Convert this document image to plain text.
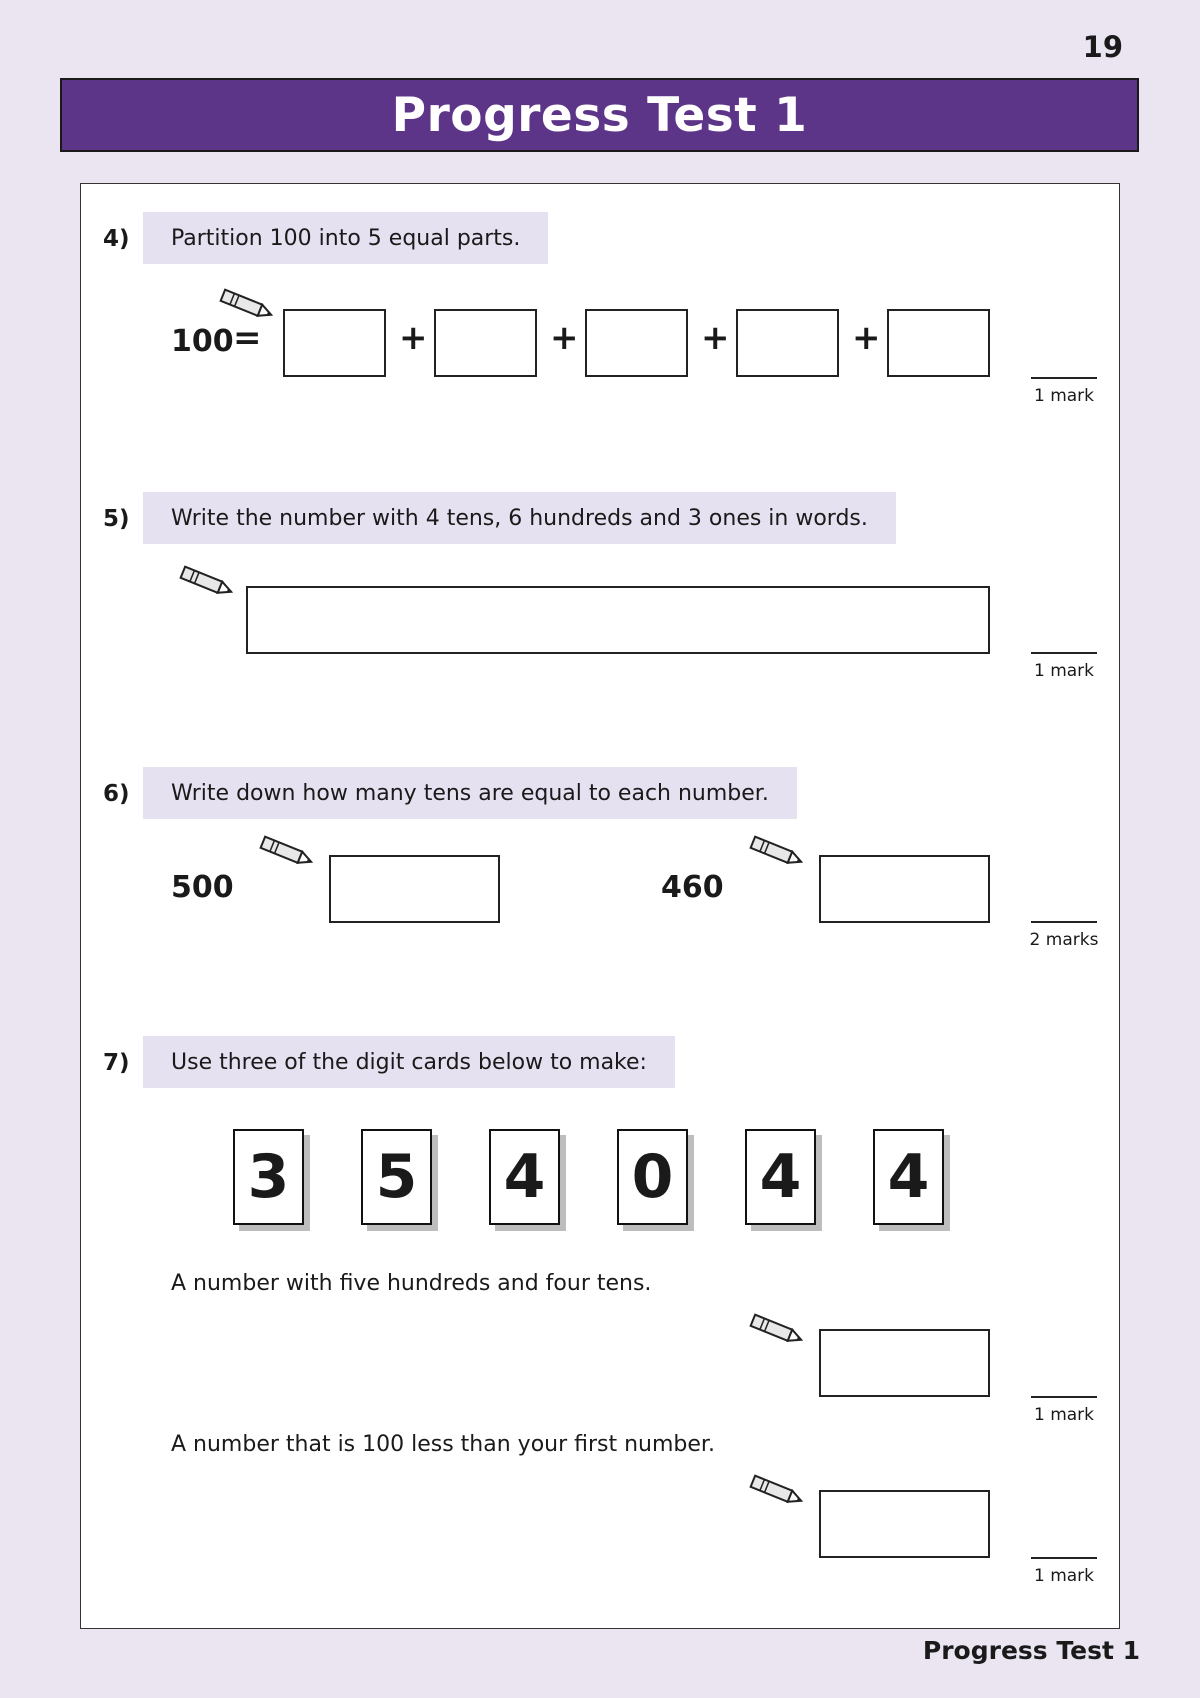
19
Progress Test 1
4)	Partition 100 into 5 equal parts.
100 =	+	+	+	+
1 mark
5)	Write the number with 4 tens, 6 hundreds and 3 ones in words.
1 mark
6)	Write down how many tens are equal to each number.
500	460
2 marks
7)	Use three of the digit cards below to make:
3 5 4 0 4 4
A number with five hundreds and four tens.
1 mark
A number that is 100 less than your first number.
1 mark
Progress Test 1
